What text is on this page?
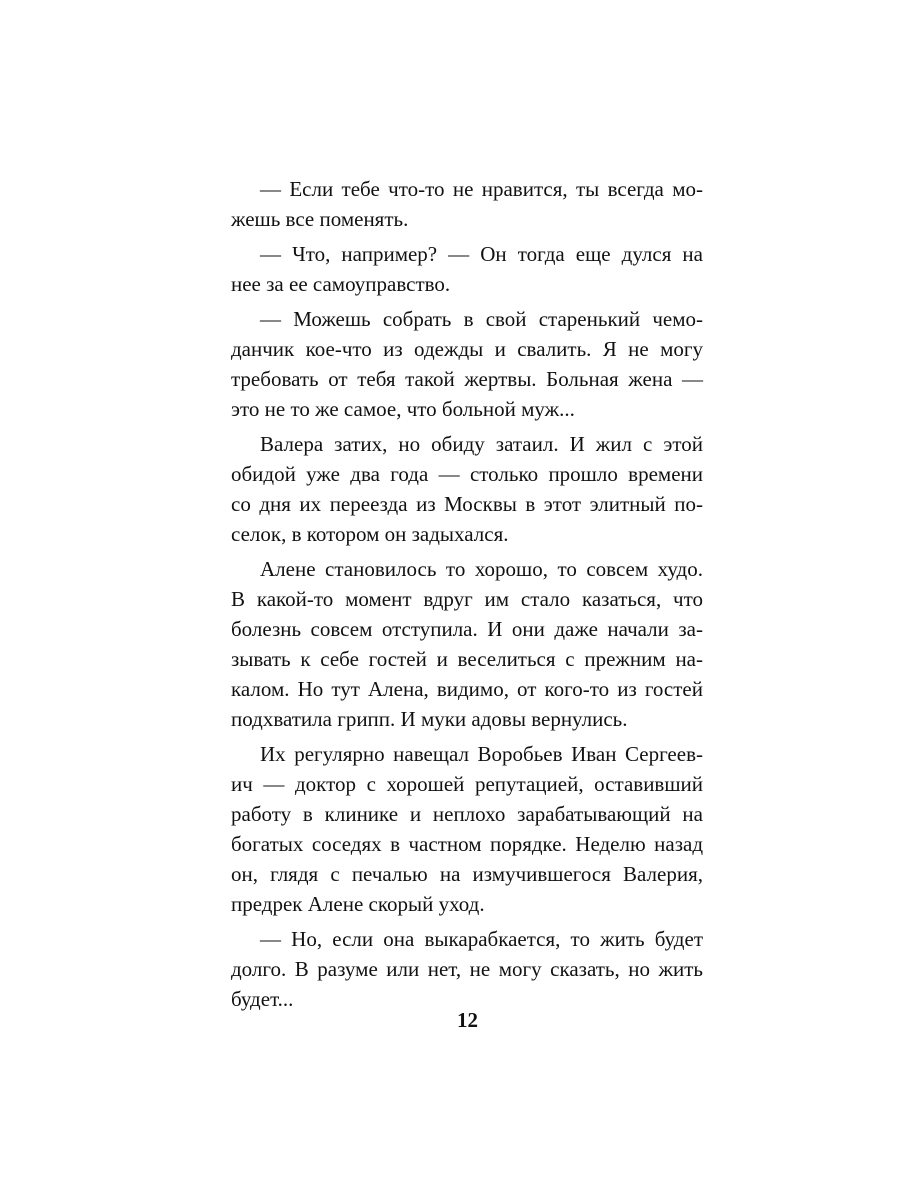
— Если тебе что-то не нравится, ты всегда мо-
жешь все поменять.
— Что, например? — Он тогда еще дулся на
нее за ее самоуправство.
— Можешь собрать в свой старенький чемо-
данчик кое-что из одежды и свалить. Я не могу
требовать от тебя такой жертвы. Больная жена —
это не то же самое, что больной муж...
Валера затих, но обиду затаил. И жил с этой
обидой уже два года — столько прошло времени
со дня их переезда из Москвы в этот элитный по-
селок, в котором он задыхался.
Алене становилось то хорошо, то совсем худо.
В какой-то момент вдруг им стало казаться, что
болезнь совсем отступила. И они даже начали за-
зывать к себе гостей и веселиться с прежним на-
калом. Но тут Алена, видимо, от кого-то из гостей
подхватила грипп. И муки адовы вернулись.
Их регулярно навещал Воробьев Иван Сергеев-
ич — доктор с хорошей репутацией, оставивший
работу в клинике и неплохо зарабатывающий на
богатых соседях в частном порядке. Неделю назад
он, глядя с печалью на измучившегося Валерия,
предрек Алене скорый уход.
— Но, если она выкарабкается, то жить будет
долго. В разуме или нет, не могу сказать, но жить
будет...
12
